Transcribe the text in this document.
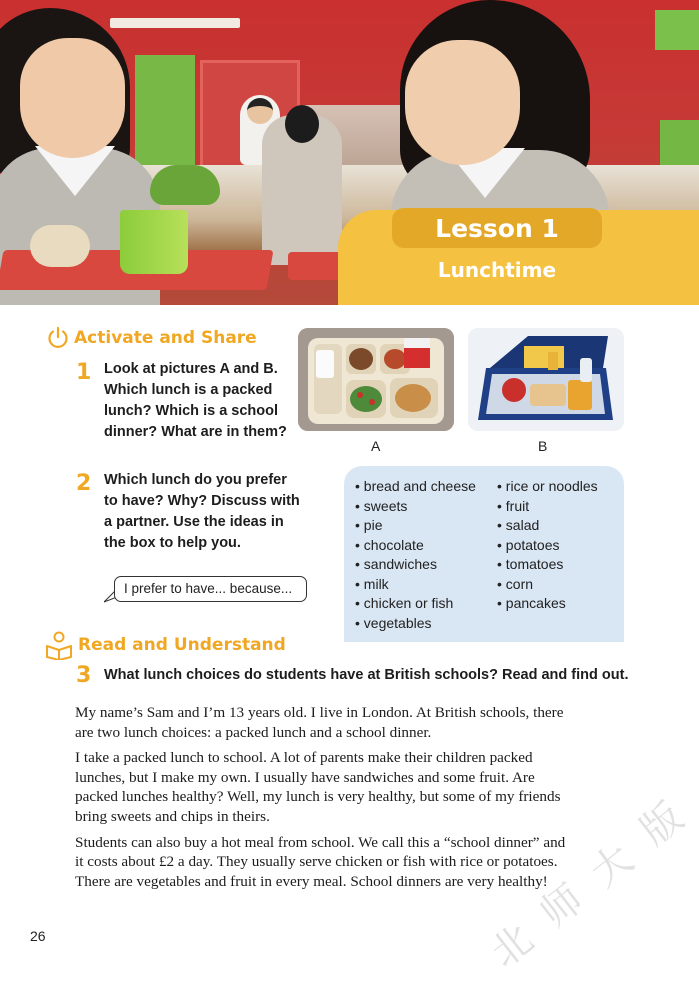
Lesson 1
Lunchtime
Activate and Share
1 Look at pictures A and B.
Which lunch is a packed
lunch? Which is a school
dinner? What are in them?
A	B
2 Which lunch do you prefer
to have? Why? Discuss with
a partner. Use the ideas in
the box to help you.
I prefer to have... because...
• bread and cheese
• sweets
• pie
• chocolate
• sandwiches
• milk
• chicken or fish
• vegetables
• rice or noodles
• fruit
• salad
• potatoes
• tomatoes
• corn
• pancakes
Read and Understand
3 What lunch choices do students have at British schools? Read and find out.

My name’s Sam and I’m 13 years old. I live in London. At British schools, there
are two lunch choices: a packed lunch and a school dinner.

I take a packed lunch to school. A lot of parents make their children packed
lunches, but I make my own. I usually have sandwiches and some fruit. Are
packed lunches healthy? Well, my lunch is very healthy, but some of my friends
bring sweets and chips in theirs.

Students can also buy a hot meal from school. We call this a “school dinner” and
it costs about £2 a day. They usually serve chicken or fish with rice or potatoes.
There are vegetables and fruit in every meal. School dinners are very healthy!

26	北
师
大
版
